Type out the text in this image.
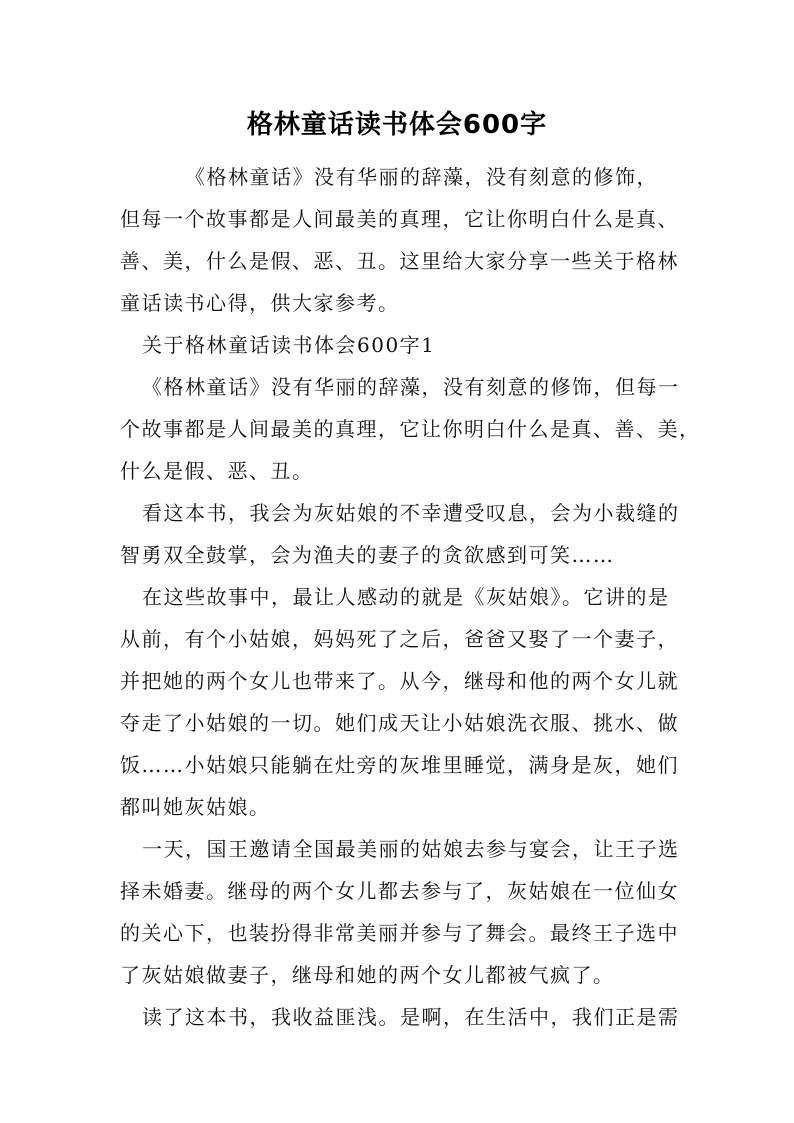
格林童话读书体会600字
《格林童话》没有华丽的辞藻，没有刻意的修饰，
但每一个故事都是人间最美的真理，它让你明白什么是真、
善、美，什么是假、恶、丑。这里给大家分享一些关于格林
童话读书心得，供大家参考。
关于格林童话读书体会600字1
《格林童话》没有华丽的辞藻，没有刻意的修饰，但每一
个故事都是人间最美的真理，它让你明白什么是真、善、美，
什么是假、恶、丑。
看这本书，我会为灰姑娘的不幸遭受叹息，会为小裁缝的
智勇双全鼓掌，会为渔夫的妻子的贪欲感到可笑……
在这些故事中，最让人感动的就是《灰姑娘》。它讲的是
从前，有个小姑娘，妈妈死了之后，爸爸又娶了一个妻子，
并把她的两个女儿也带来了。从今，继母和他的两个女儿就
夺走了小姑娘的一切。她们成天让小姑娘洗衣服、挑水、做
饭……小姑娘只能躺在灶旁的灰堆里睡觉，满身是灰，她们
都叫她灰姑娘。
一天，国王邀请全国最美丽的姑娘去参与宴会，让王子选
择未婚妻。继母的两个女儿都去参与了，灰姑娘在一位仙女
的关心下，也装扮得非常美丽并参与了舞会。最终王子选中
了灰姑娘做妻子，继母和她的两个女儿都被气疯了。
读了这本书，我收益匪浅。是啊，在生活中，我们正是需
